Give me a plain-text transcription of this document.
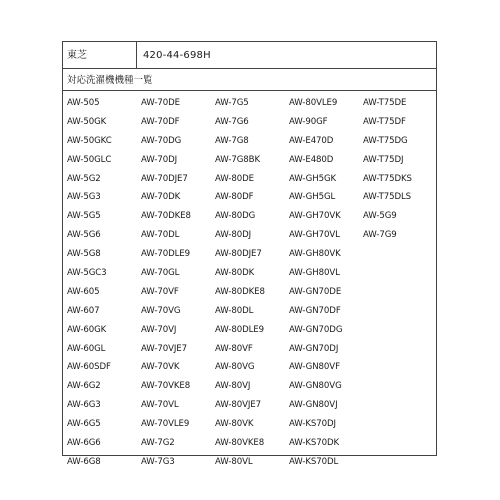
東芝	420-44-698H
対応洗濯機機種一覧
AW-505
AW-50GK
AW-50GKC
AW-50GLC
AW-5G2
AW-5G3
AW-5G5
AW-5G6
AW-5G8
AW-5GC3
AW-605
AW-607
AW-60GK
AW-60GL
AW-60SDF
AW-6G2
AW-6G3
AW-6G5
AW-6G6
AW-6G8
AW-70DE
AW-70DF
AW-70DG
AW-70DJ
AW-70DJE7
AW-70DK
AW-70DKE8
AW-70DL
AW-70DLE9
AW-70GL
AW-70VF
AW-70VG
AW-70VJ
AW-70VJE7
AW-70VK
AW-70VKE8
AW-70VL
AW-70VLE9
AW-7G2
AW-7G3
AW-7G5
AW-7G6
AW-7G8
AW-7G8BK
AW-80DE
AW-80DF
AW-80DG
AW-80DJ
AW-80DJE7
AW-80DK
AW-80DKE8
AW-80DL
AW-80DLE9
AW-80VF
AW-80VG
AW-80VJ
AW-80VJE7
AW-80VK
AW-80VKE8
AW-80VL
AW-80VLE9
AW-90GF
AW-E470D
AW-E480D
AW-GH5GK
AW-GH5GL
AW-GH70VK
AW-GH70VL
AW-GH80VK
AW-GH80VL
AW-GN70DE
AW-GN70DF
AW-GN70DG
AW-GN70DJ
AW-GN80VF
AW-GN80VG
AW-GN80VJ
AW-KS70DJ
AW-KS70DK
AW-KS70DL
AW-T75DE
AW-T75DF
AW-T75DG
AW-T75DJ
AW-T75DKS
AW-T75DLS
AW-5G9
AW-7G9
